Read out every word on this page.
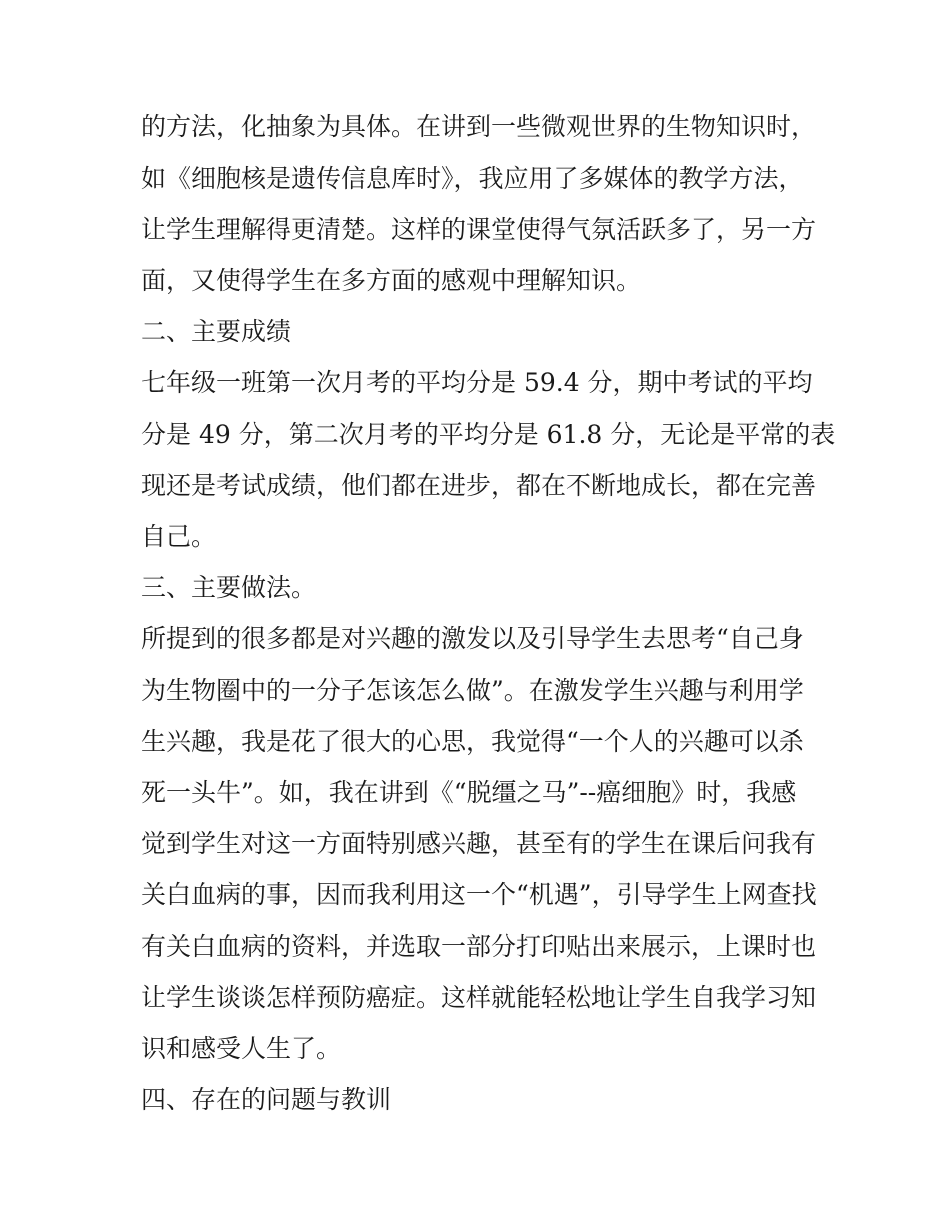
的方法，化抽象为具体。在讲到一些微观世界的生物知识时，
如《细胞核是遗传信息库时》，我应用了多媒体的教学方法，
让学生理解得更清楚。这样的课堂使得气氛活跃多了，另一方
面，又使得学生在多方面的感观中理解知识。
二、主要成绩
七年级一班第一次月考的平均分是 59.4 分，期中考试的平均
分是 49 分，第二次月考的平均分是 61.8 分，无论是平常的表
现还是考试成绩，他们都在进步，都在不断地成长，都在完善
自己。
三、主要做法。
所提到的很多都是对兴趣的激发以及引导学生去思考“自己身
为生物圈中的一分子怎该怎么做”。在激发学生兴趣与利用学
生兴趣，我是花了很大的心思，我觉得“一个人的兴趣可以杀
死一头牛”。如，我在讲到《“脱缰之马”--癌细胞》时，我感
觉到学生对这一方面特别感兴趣，甚至有的学生在课后问我有
关白血病的事，因而我利用这一个“机遇”，引导学生上网查找
有关白血病的资料，并选取一部分打印贴出来展示，上课时也
让学生谈谈怎样预防癌症。这样就能轻松地让学生自我学习知
识和感受人生了。
四、存在的问题与教训
